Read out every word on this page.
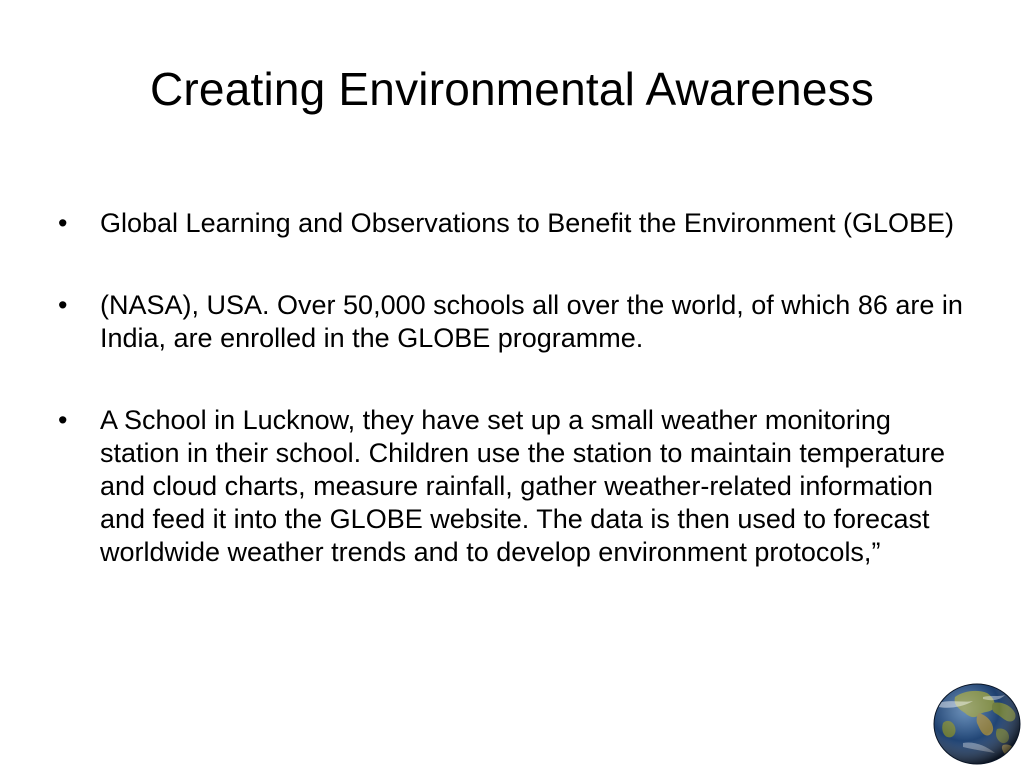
Creating Environmental Awareness
• Global Learning and Observations to Benefit the Environment (GLOBE)
• (NASA), USA. Over 50,000 schools all over the world, of which 86 are in India, are enrolled in the GLOBE programme.
• A School in Lucknow, they have set up a small weather monitoring station in their school. Children use the station to maintain temperature and cloud charts, measure rainfall, gather weather-related information and feed it into the GLOBE website. The data is then used to forecast worldwide weather trends and to develop environment protocols,”
